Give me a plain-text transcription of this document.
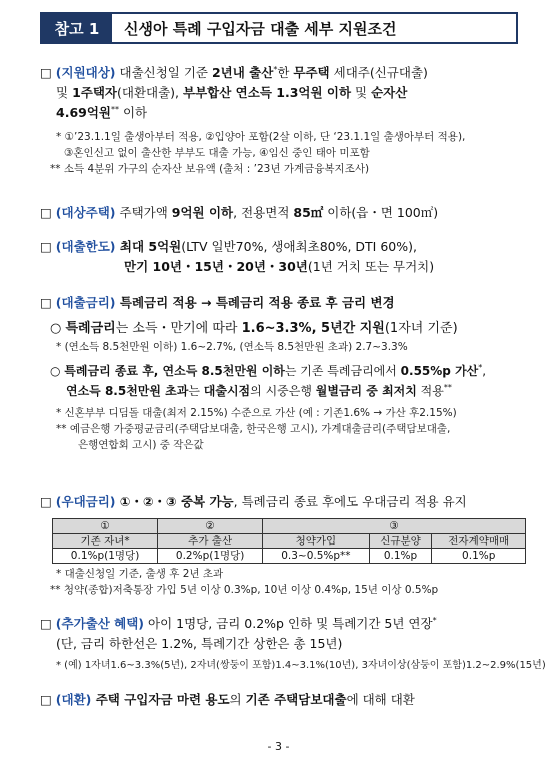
참고 1	신생아 특례 구입자금 대출 세부 지원조건
□ (지원대상) 대출신청일 기준 2년내 출산*한 무주택 세대주(신규대출)
및 1주택자(대환대출), 부부합산 연소득 1.3억원 이하 및 순자산
4.69억원** 이하
* ①’23.1.1일 출생아부터 적용, ②입양아 포함(2살 이하, 단 ‘23.1.1일 출생아부터 적용),
③혼인신고 없이 출산한 부부도 대출 가능, ④임신 중인 태아 미포함
** 소득 4분위 가구의 순자산 보유액 (출처 : ’23년 가계금융복지조사)
□ (대상주택) 주택가액 9억원 이하, 전용면적 85㎡ 이하(읍・면 100㎡)
□ (대출한도) 최대 5억원(LTV 일반70%, 생애최초80%, DTI 60%),
만기 10년・15년・20년・30년(1년 거치 또는 무거치)
□ (대출금리) 특례금리 적용 → 특례금리 적용 종료 후 금리 변경
○ 특례금리는 소득・만기에 따라 1.6~3.3%, 5년간 지원(1자녀 기준)
* (연소득 8.5천만원 이하) 1.6~2.7%, (연소득 8.5천만원 초과) 2.7~3.3%
○ 특례금리 종료 후, 연소득 8.5천만원 이하는 기존 특례금리에서 0.55%p 가산*,
연소득 8.5천만원 초과는 대출시점의 시중은행 월별금리 중 최저치 적용**
* 신혼부부 디딤돌 대출(최저 2.15%) 수준으로 가산 (예 : 기존1.6% → 가산 후2.15%)
** 예금은행 가중평균금리(주택담보대출, 한국은행 고시), 가계대출금리(주택담보대출,
은행연합회 고시) 중 작은값
□ (우대금리) ①・②・③ 중복 가능, 특례금리 종료 후에도 우대금리 적용 유지
①	②	③		
기존 자녀*	추가 출산	청약가입	신규분양	전자계약매매
0.1%p(1명당)	0.2%p(1명당)	0.3~0.5%p**	0.1%p	0.1%p
* 대출신청일 기준, 출생 후 2년 초과
** 청약(종합)저축통장 가입 5년 이상 0.3%p, 10년 이상 0.4%p, 15년 이상 0.5%p
□ (추가출산 혜택) 아이 1명당, 금리 0.2%p 인하 및 특례기간 5년 연장*
(단, 금리 하한선은 1.2%, 특례기간 상한은 총 15년)
* (예) 1자녀1.6~3.3%(5년), 2자녀(쌍둥이 포함)1.4~3.1%(10년), 3자녀이상(삼둥이 포함)1.2~2.9%(15년)
□ (대환) 주택 구입자금 마련 용도의 기존 주택담보대출에 대해 대환
- 3 -
